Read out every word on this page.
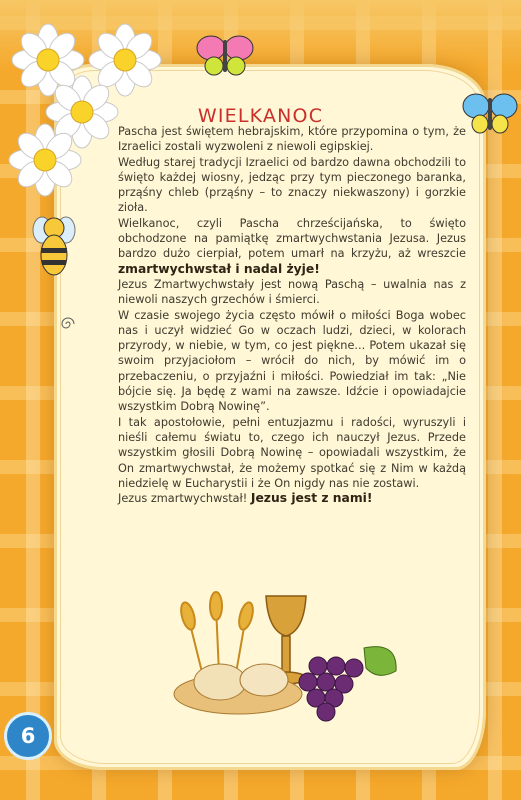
WIELKANOC

Pascha jest świętem hebrajskim, które przypomina o tym, że Izraelici zostali wyzwoleni z niewoli egipskiej.

Według starej tradycji Izraelici od bardzo dawna obchodzili to święto każdej wiosny, jedząc przy tym pieczonego baranka, prząśny chleb (prząśny – to znaczy niekwaszony) i gorzkie zioła.

Wielkanoc, czyli Pascha chrześcijańska, to święto obchodzone na pamiątkę zmartwychwstania Jezusa. Jezus bardzo dużo cierpiał, potem umarł na krzyżu, aż wreszcie zmartwychwstał i nadal żyje!

Jezus Zmartwychwstały jest nową Paschą – uwalnia nas z niewoli naszych grzechów i śmierci.

W czasie swojego życia często mówił o miłości Boga wobec nas i uczył widzieć Go w oczach ludzi, dzieci, w kolorach przyrody, w niebie, w tym, co jest piękne... Potem ukazał się swoim przyjaciołom – wrócił do nich, by mówić im o przebaczeniu, o przyjaźni i miłości. Powiedział im tak: „Nie bójcie się. Ja będę z wami na zawsze. Idźcie i opowiadajcie wszystkim Dobrą Nowinę”.

I tak apostołowie, pełni entuzjazmu i radości, wyruszyli i nieśli całemu światu to, czego ich nauczył Jezus. Przede wszystkim głosili Dobrą Nowinę – opowiadali wszystkim, że On zmartwychwstał, że możemy spotkać się z Nim w każdą niedzielę w Eucharystii i że On nigdy nas nie zostawi.

Jezus zmartwychwstał! Jezus jest z nami!

6
